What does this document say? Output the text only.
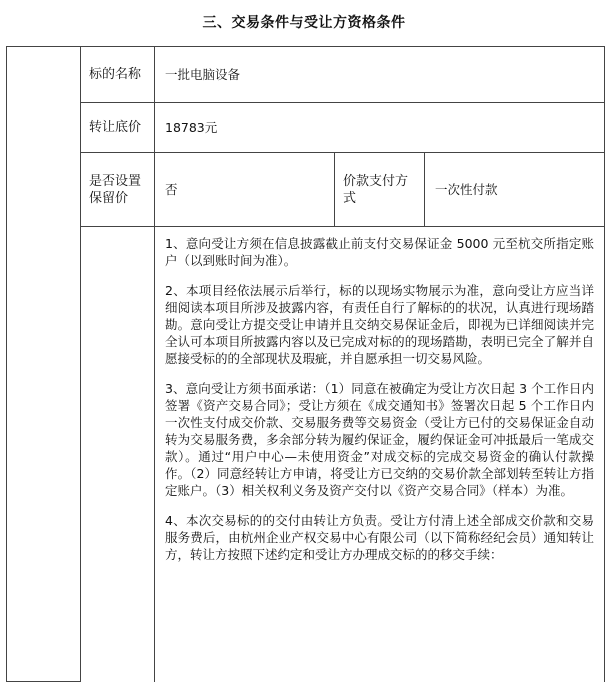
三、交易条件与受让方资格条件
	标的名称	一批电脑设备		
	转让底价	18783元		
	是否设置保留价	否	价款支付方式	一次性付款

		1、意向受让方须在信息披露截止前支付交易保证金 5000 元至杭交所指定账户（以到账时间为准）。

2、本项目经依法展示后举行，标的以现场实物展示为准，意向受让方应当详细阅读本项目所涉及披露内容，有责任自行了解标的的状况，认真进行现场踏勘。意向受让方提交受让申请并且交纳交易保证金后，即视为已详细阅读并完全认可本项目所披露内容以及已完成对标的的现场踏勘，表明已完全了解并自愿接受标的的全部现状及瑕疵，并自愿承担一切交易风险。

3、意向受让方须书面承诺：（1）同意在被确定为受让方次日起 3 个工作日内签署《资产交易合同》；受让方须在《成交通知书》签署次日起 5 个工作日内一次性支付成交价款、交易服务费等交易资金（受让方已付的交易保证金自动转为交易服务费，多余部分转为履约保证金，履约保证金可冲抵最后一笔成交款）。通过“用户中心—未使用资金”对成交标的完成交易资金的确认付款操作。（2）同意经转让方申请，将受让方已交纳的交易价款全部划转至转让方指定账户。（3）相关权利义务及资产交付以《资产交易合同》（样本）为准。

4、本次交易标的的交付由转让方负责。受让方付清上述全部成交价款和交易服务费后，由杭州企业产权交易中心有限公司（以下简称经纪会员）通知转让方，转让方按照下述约定和受让方办理成交标的的移交手续：		
